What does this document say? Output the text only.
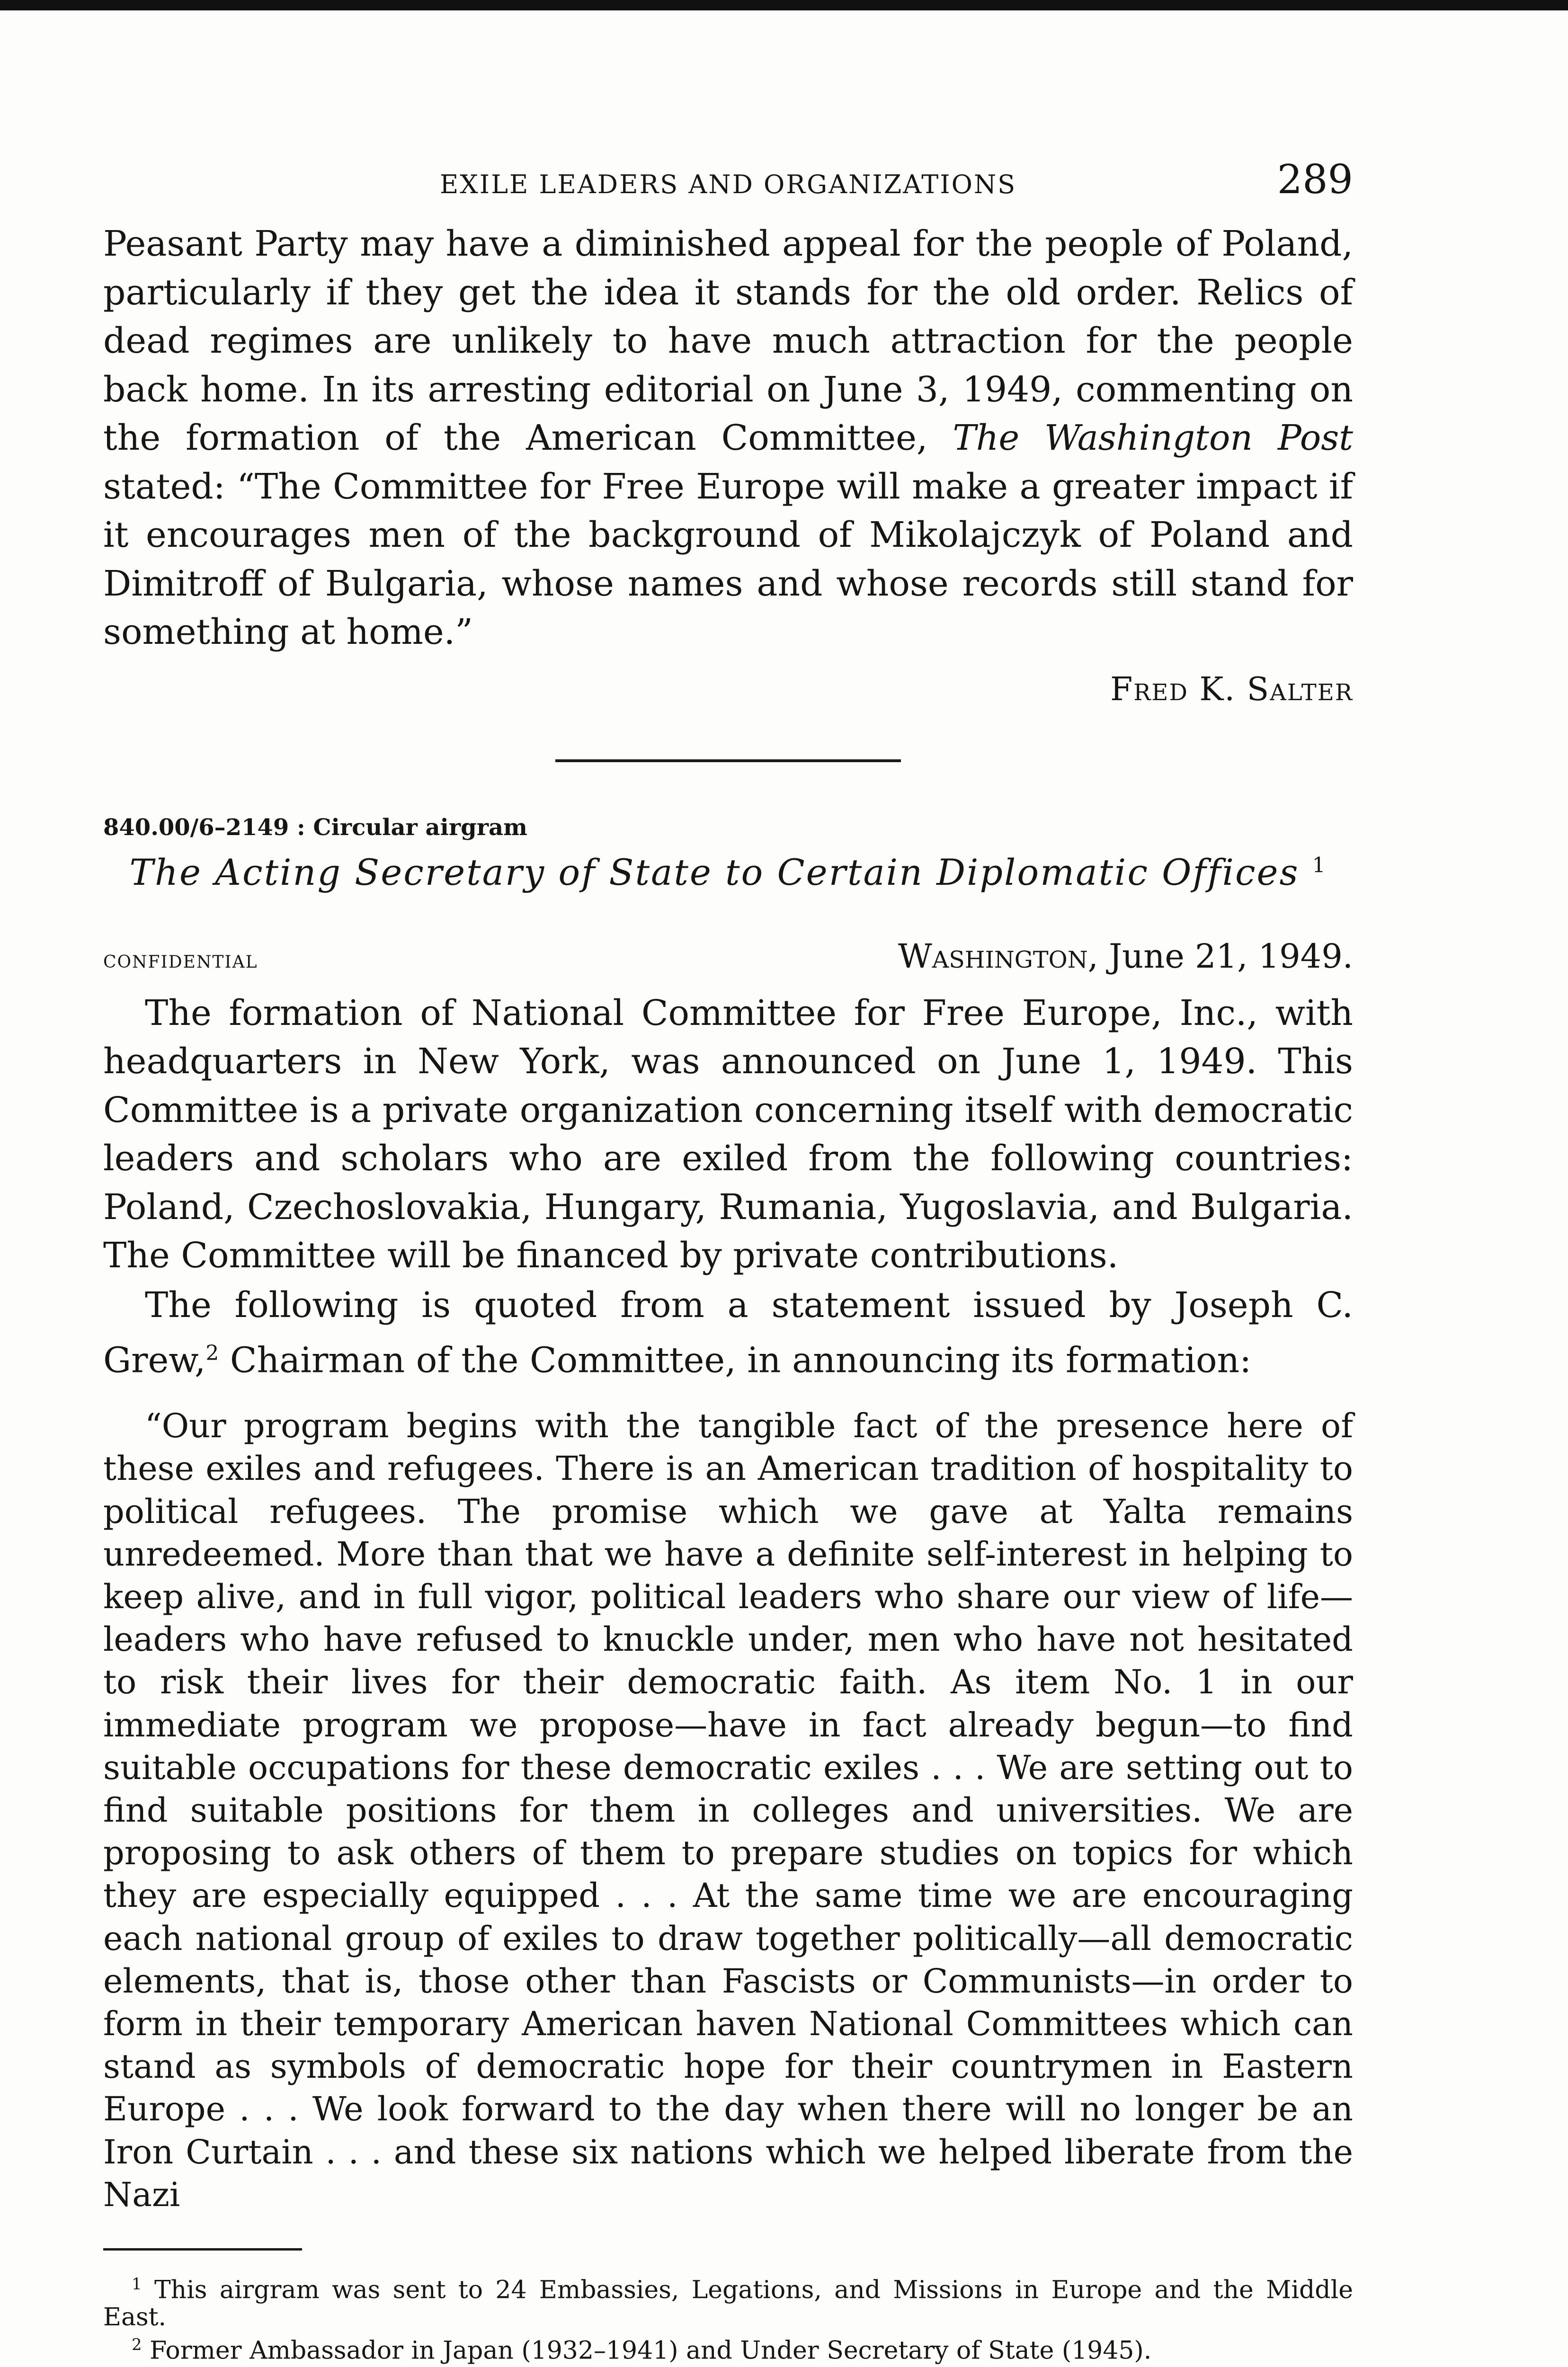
EXILE LEADERS AND ORGANIZATIONS	289

Peasant Party may have a diminished appeal for the people of Poland, particularly if they get the idea it stands for the old order. Relics of dead regimes are unlikely to have much attraction for the people back home. In its arresting editorial on June 3, 1949, commenting on the formation of the American Committee, The Washington Post stated: “The Committee for Free Europe will make a greater impact if it encourages men of the background of Mikolajczyk of Poland and Dimitroff of Bulgaria, whose names and whose records still stand for something at home.”

Fred K. Salter
840.00/6–2149 : Circular airgram
The Acting Secretary of State to Certain Diplomatic Offices $^1$
confidential	Washington, June 21, 1949.

The formation of National Committee for Free Europe, Inc., with headquarters in New York, was announced on June 1, 1949. This Committee is a private organization concerning itself with democratic leaders and scholars who are exiled from the following countries: Poland, Czechoslovakia, Hungary, Rumania, Yugoslavia, and Bulgaria. The Committee will be financed by private contributions.

The following is quoted from a statement issued by Joseph C. Grew,$^2$ Chairman of the Committee, in announcing its formation:

“Our program begins with the tangible fact of the presence here of these exiles and refugees. There is an American tradition of hospitality to political refugees. The promise which we gave at Yalta remains unredeemed. More than that we have a definite self-interest in helping to keep alive, and in full vigor, political leaders who share our view of life—leaders who have refused to knuckle under, men who have not hesitated to risk their lives for their democratic faith. As item No. 1 in our immediate program we propose—have in fact already begun—to find suitable occupations for these democratic exiles . . . We are setting out to find suitable positions for them in colleges and universities. We are proposing to ask others of them to prepare studies on topics for which they are especially equipped . . . At the same time we are encouraging each national group of exiles to draw together politically—all democratic elements, that is, those other than Fascists or Communists—in order to form in their temporary American haven National Committees which can stand as symbols of democratic hope for their countrymen in Eastern Europe . . . We look forward to the day when there will no longer be an Iron Curtain . . . and these six nations which we helped liberate from the Nazi

$^1$ This airgram was sent to 24 Embassies, Legations, and Missions in Europe and the Middle East.

$^2$ Former Ambassador in Japan (1932–1941) and Under Secretary of State (1945).
